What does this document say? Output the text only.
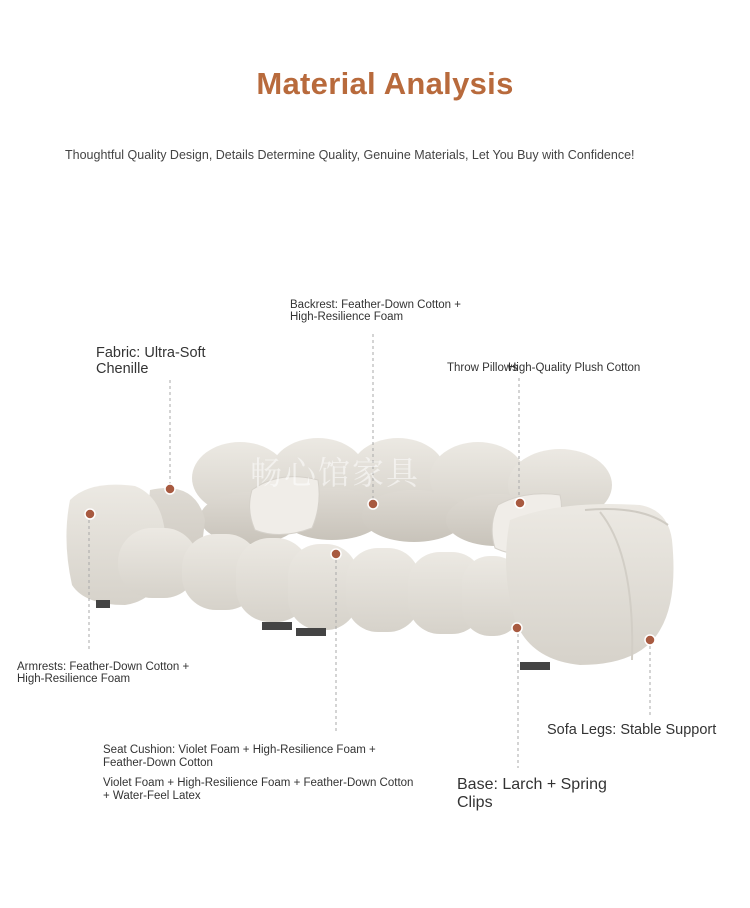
Material Analysis
Thoughtful Quality Design, Details Determine Quality, Genuine Materials, Let You Buy with Confidence!
畅心馆家具
Backrest: Feather-Down Cotton +
High-Resilience Foam
Fabric: Ultra-Soft
Chenille	Throw Pillows
High-Quality Plush Cotton
Armrests: Feather-Down Cotton +
High-Resilience Foam
Seat Cushion: Violet Foam + High-Resilience Foam +
Feather-Down Cotton
Violet Foam + High-Resilience Foam + Feather-Down Cotton
+ Water-Feel Latex
Base: Larch + Spring
Clips
Sofa Legs: Stable Support
